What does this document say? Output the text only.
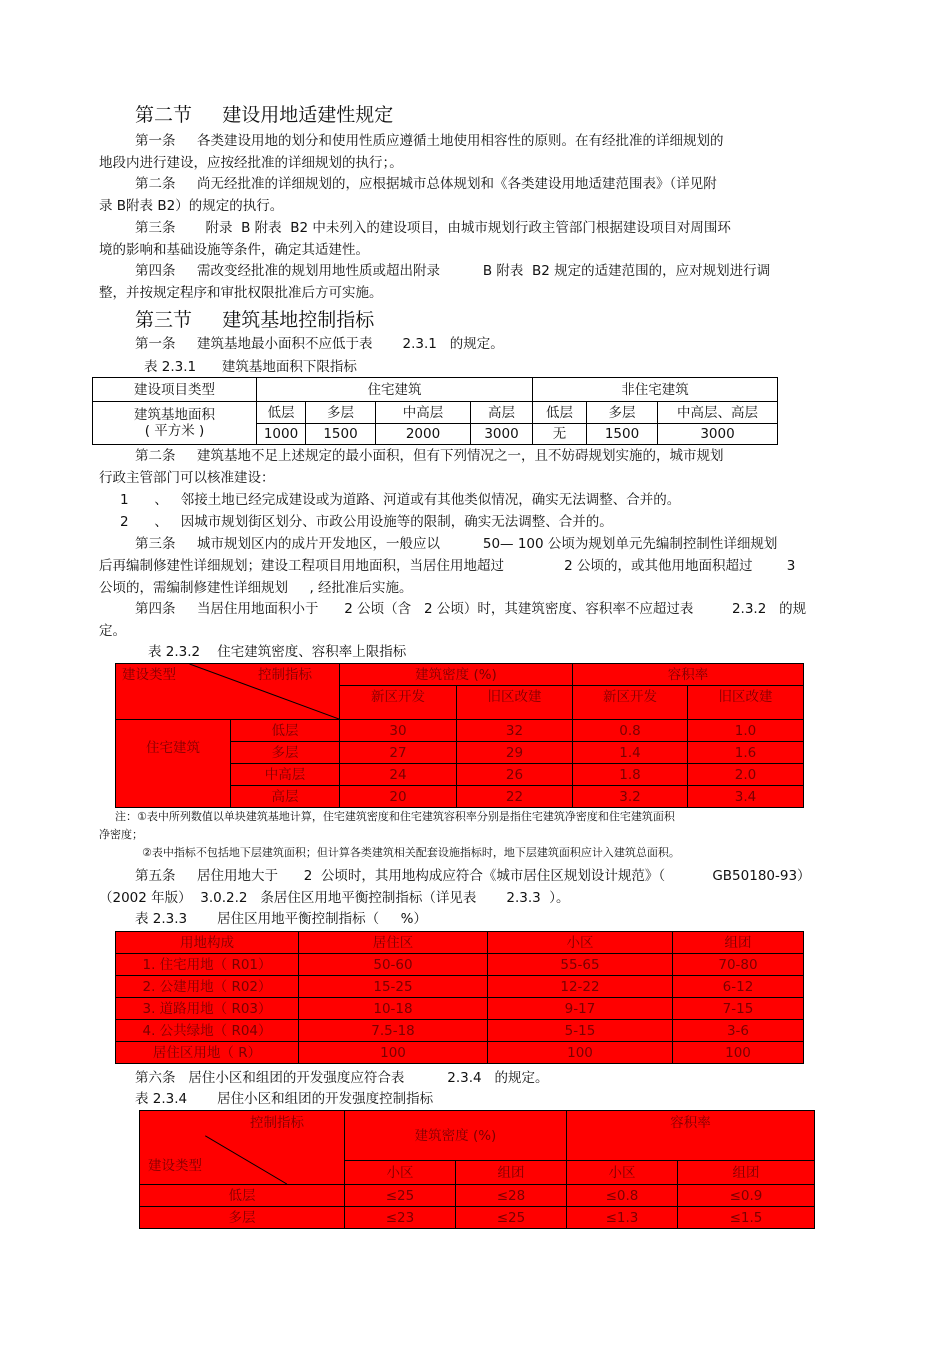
第二节     建设用地适建性规定
第一条     各类建设用地的划分和使用性质应遵循土地使用相容性的原则。在有经批准的详细规划的
地段内进行建设，应按经批准的详细规划的执行；。
第二条     尚无经批准的详细规划的，应根据城市总体规划和《各类建设用地适建范围表》（详见附
录 B附表 B2）的规定的执行。
第三条       附录  B 附表  B2 中未列入的建设项目，由城市规划行政主管部门根据建设项目对周围环
境的影响和基础设施等条件，确定其适建性。
第四条     需改变经批准的规划用地性质或超出附录          B 附表  B2 规定的适建范围的，应对规划进行调
整，并按规定程序和审批权限批准后方可实施。
第三节     建筑基地控制指标
第一条     建筑基地最小面积不应低于表       2.3.1   的规定。
表 2.3.1      建筑基地面积下限指标
建设项目类型	住宅建筑				非住宅建筑		

建筑基地面积
( 平方米 )	低层	多层	中高层	高层	低层	多层	中高层、高层
	1000	1500	2000	3000	无	1500	3000
第二条     建筑基地不足上述规定的最小面积，但有下列情况之一，且不妨碍规划实施的，城市规划
行政主管部门可以核准建设：
1      、   邻接土地已经完成建设或为道路、河道或有其他类似情况，确实无法调整、合并的。
2      、   因城市规划街区划分、市政公用设施等的限制，确实无法调整、合并的。
第三条     城市规划区内的成片开发地区，一般应以          50— 100 公顷为规划单元先编制控制性详细规划
后再编制修建性详细规划；建设工程项目用地面积，当居住用地超过              2 公顷的，或其他用地面积超过        3
公顷的，需编制修建性详细规划     , 经批准后实施。
第四条     当居住用地面积小于      2 公顷（含   2 公顷）时，其建筑密度、容积率不应超过表         2.3.2   的规
定。
表 2.3.2    住宅建筑密度、容积率上限指标
建设类型 控制指标		建筑密度 (%)		容积率	
		新区开发	旧区改建	新区开发	旧区改建
住宅建筑	低层	30	32	0.8	1.0
	多层	27	29	1.4	1.6
	中高层	24	26	1.8	2.0
	高层	20	22	3.2	3.4
注：①表中所列数值以单块建筑基地计算，住宅建筑密度和住宅建筑容积率分别是指住宅建筑净密度和住宅建筑面积
净密度；
②表中指标不包括地下层建筑面积；但计算各类建筑相关配套设施指标时，地下层建筑面积应计入建筑总面积。
第五条     居住用地大于      2  公顷时，其用地构成应符合《城市居住区规划设计规范》（           GB50180-93）
（2002 年版）  3.0.2.2   条居住区用地平衡控制指标（详见表       2.3.3  ）。
表 2.3.3       居住区用地平衡控制指标（     %）
用地构成	居住区	小区	组团
1. 住宅用地（ R01）	50-60	55-65	70-80
2. 公建用地（ R02）	15-25	12-22	6-12
3. 道路用地（ R03）	10-18	9-17	7-15
4. 公共绿地（ R04）	7.5-18	5-15	3-6
居住区用地（ R）	100	100	100
第六条   居住小区和组团的开发强度应符合表          2.3.4   的规定。
表 2.3.4       居住小区和组团的开发强度控制指标
控制指标
建设类型	建筑密度 (%)		容积率	
	小区	组团	小区	组团
低层	≤25	≤28	≤0.8	≤0.9
多层	≤23	≤25	≤1.3	≤1.5
